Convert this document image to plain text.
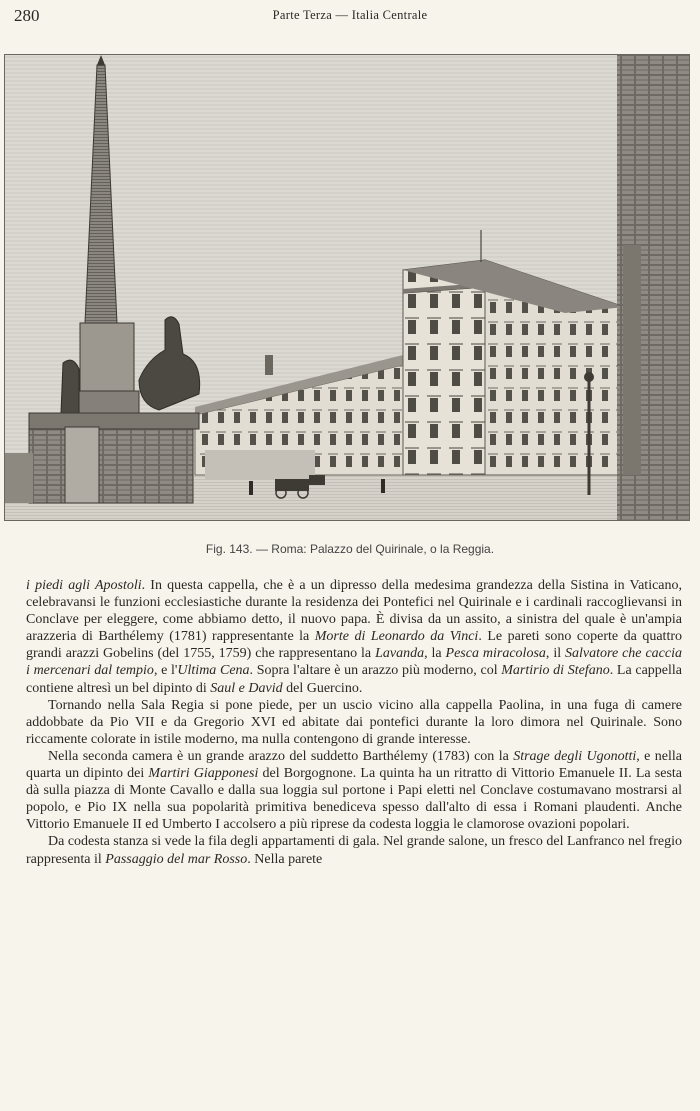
280	Parte Terza — Italia Centrale
Fig. 143. — Roma: Palazzo del Quirinale, o la Reggia.

i piedi agli Apostoli. In questa cappella, che è a un dipresso della medesima grandezza della Sistina in Vaticano, celebravansi le funzioni ecclesiastiche durante la residenza dei Pontefici nel Quirinale e i cardinali raccoglievansi in Conclave per eleggere, come abbiamo detto, il nuovo papa. È divisa da un assito, a sinistra del quale è un'ampia arazzeria di Barthélemy (1781) rappresentante la Morte di Leonardo da Vinci. Le pareti sono coperte da quattro grandi arazzi Gobelins (del 1755, 1759) che rappresentano la Lavanda, la Pesca miracolosa, il Salvatore che caccia i mercenari dal tempio, e l'Ultima Cena. Sopra l'altare è un arazzo più moderno, col Martirio di Stefano. La cappella contiene altresì un bel dipinto di Saul e David del Guercino.

Tornando nella Sala Regia si pone piede, per un uscio vicino alla cappella Paolina, in una fuga di camere addobbate da Pio VII e da Gregorio XVI ed abitate dai pontefici durante la loro dimora nel Quirinale. Sono riccamente colorate in istile moderno, ma nulla contengono di grande interesse.

Nella seconda camera è un grande arazzo del suddetto Barthélemy (1783) con la Strage degli Ugonotti, e nella quarta un dipinto dei Martiri Giapponesi del Borgognone. La quinta ha un ritratto di Vittorio Emanuele II. La sesta dà sulla piazza di Monte Cavallo e dalla sua loggia sul portone i Papi eletti nel Conclave costumavano mostrarsi al popolo, e Pio IX nella sua popolarità primitiva benediceva spesso dall'alto di essa i Romani plaudenti. Anche Vittorio Emanuele II ed Umberto I accolsero a più riprese da codesta loggia le clamorose ovazioni popolari.

Da codesta stanza si vede la fila degli appartamenti di gala. Nel grande salone, un fresco del Lanfranco nel fregio rappresenta il Passaggio del mar Rosso. Nella parete
